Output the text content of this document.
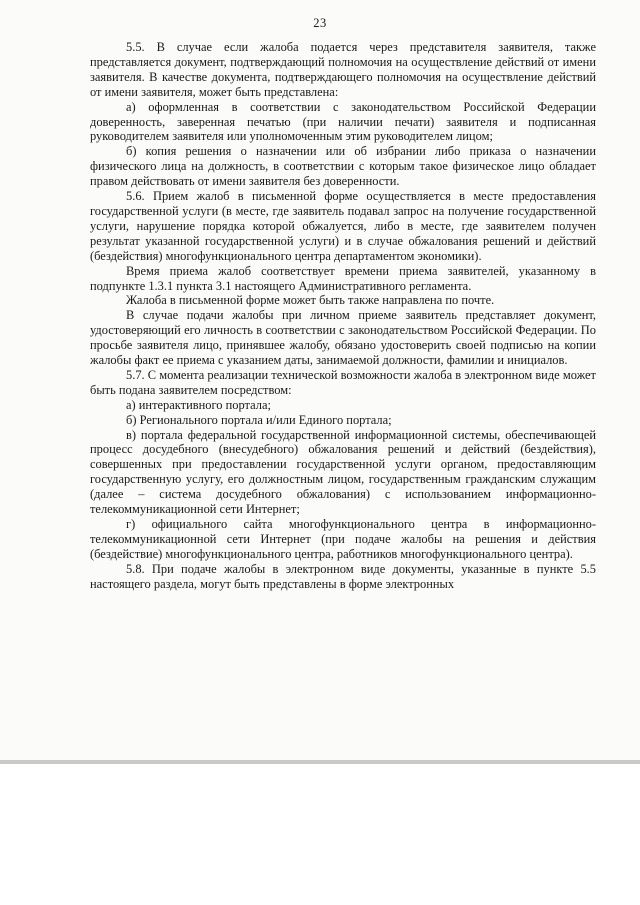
23

5.5. В случае если жалоба подается через представителя заявителя, также представляется документ, подтверждающий полномочия на осуществление действий от имени заявителя. В качестве документа, подтверждающего полномочия на осуществление действий от имени заявителя, может быть представлена:

а) оформленная в соответствии с законодательством Российской Федерации доверенность, заверенная печатью (при наличии печати) заявителя и подписанная руководителем заявителя или уполномоченным этим руководителем лицом;

б) копия решения о назначении или об избрании либо приказа о назначении физического лица на должность, в соответствии с которым такое физическое лицо обладает правом действовать от имени заявителя без доверенности.

5.6. Прием жалоб в письменной форме осуществляется в месте предоставления государственной услуги (в месте, где заявитель подавал запрос на получение государственной услуги, нарушение порядка которой обжалуется, либо в месте, где заявителем получен результат указанной государственной услуги) и в случае обжалования решений и действий (бездействия) многофункционального центра департаментом экономики).

Время приема жалоб соответствует времени приема заявителей, указанному в подпункте 1.3.1 пункта 3.1 настоящего Административного регламента.

Жалоба в письменной форме может быть также направлена по почте.

В случае подачи жалобы при личном приеме заявитель представляет документ, удостоверяющий его личность в соответствии с законодательством Российской Федерации. По просьбе заявителя лицо, принявшее жалобу, обязано удостоверить своей подписью на копии жалобы факт ее приема с указанием даты, занимаемой должности, фамилии и инициалов.

5.7. С момента реализации технической возможности жалоба в электронном виде может быть подана заявителем посредством:

а) интерактивного портала;

б) Регионального портала и/или Единого портала;

в) портала федеральной государственной информационной системы, обеспечивающей процесс досудебного (внесудебного) обжалования решений и действий (бездействия), совершенных при предоставлении государственной услуги органом, предоставляющим государственную услугу, его должностным лицом, государственным гражданским служащим (далее – система досудебного обжалования) с использованием информационно-телекоммуникационной сети Интернет;

г) официального сайта многофункционального центра в информационно-телекоммуникационной сети Интернет (при подаче жалобы на решения и действия (бездействие) многофункционального центра, работников многофункционального центра).

5.8. При подаче жалобы в электронном виде документы, указанные в пункте 5.5 настоящего раздела, могут быть представлены в форме электронных
